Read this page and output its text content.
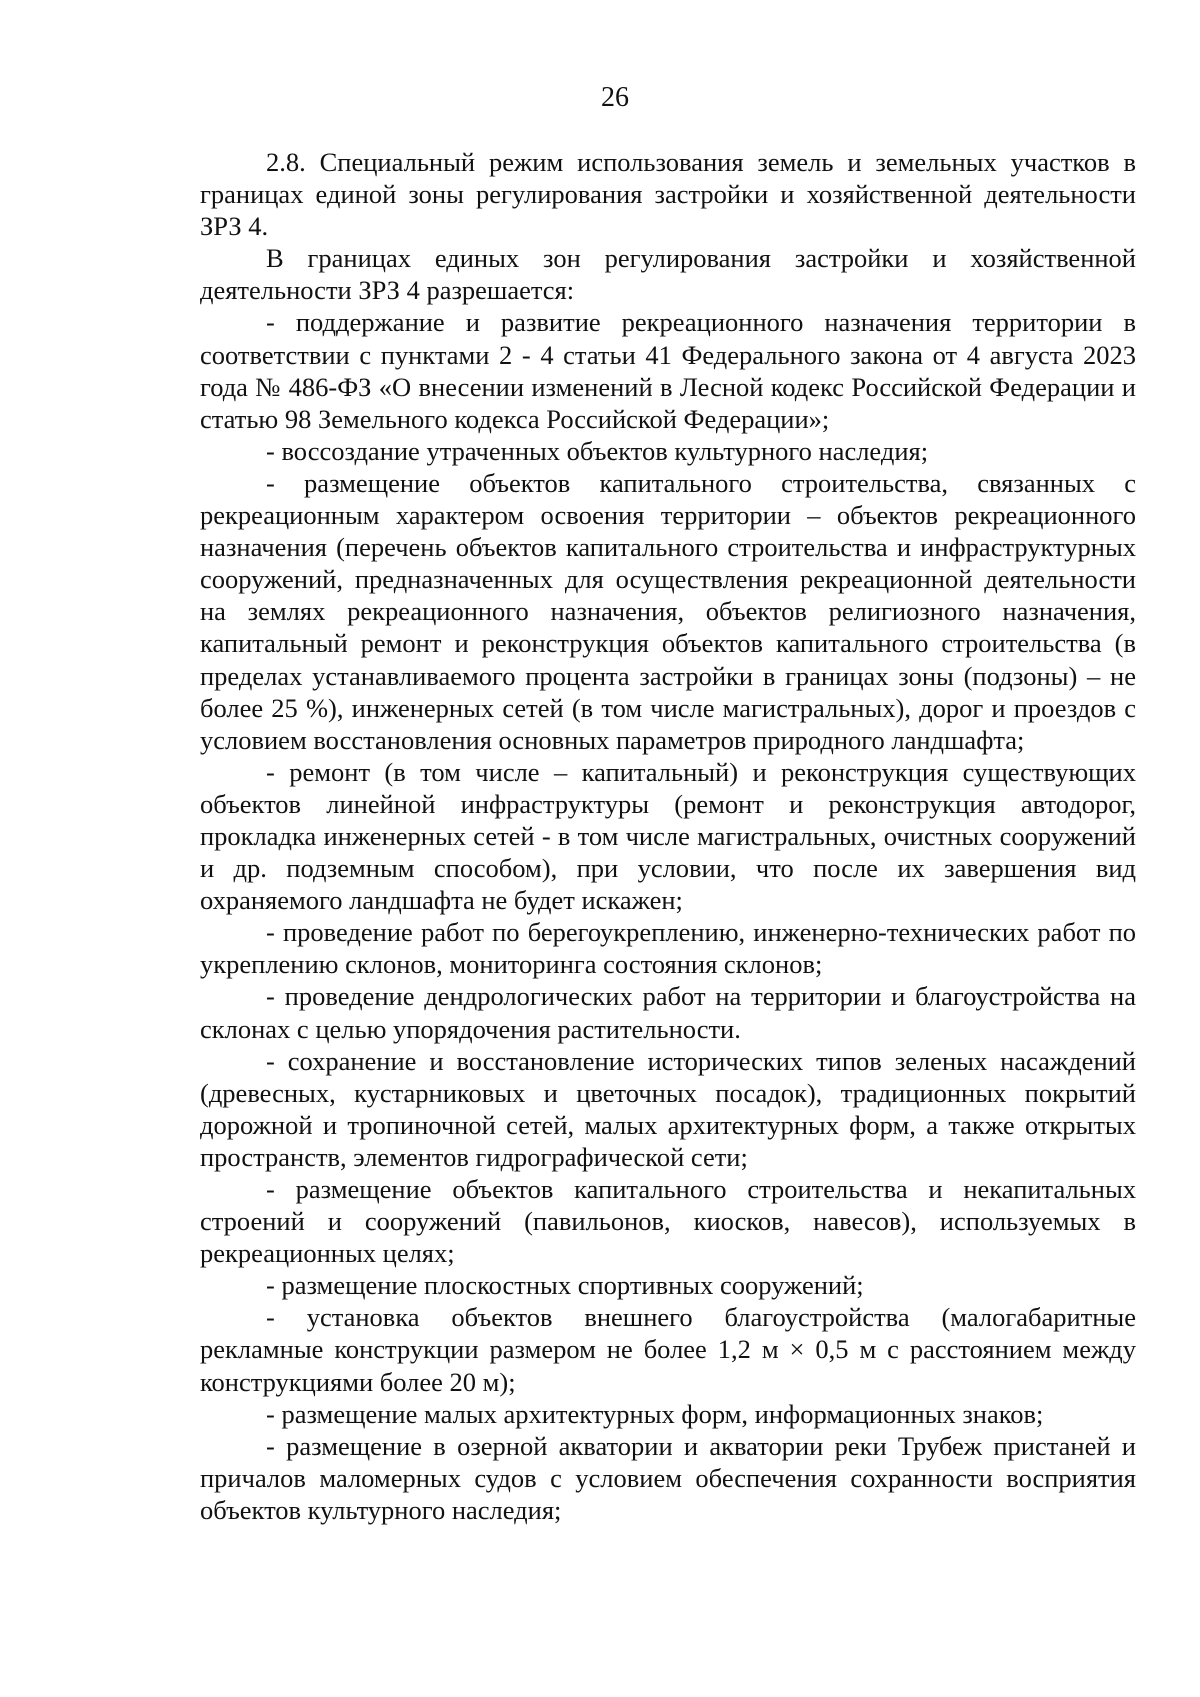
26

2.8. Специальный режим использования земель и земельных участков в границах единой зоны регулирования застройки и хозяйственной деятельности ЗРЗ 4.

В границах единых зон регулирования застройки и хозяйственной деятельности ЗРЗ 4 разрешается:

- поддержание и развитие рекреационного назначения территории в соответствии с пунктами 2 - 4 статьи 41 Федерального закона от 4 августа 2023 года № 486-ФЗ «О внесении изменений в Лесной кодекс Российской Федерации и статью 98 Земельного кодекса Российской Федерации»;

- воссоздание утраченных объектов культурного наследия;

- размещение объектов капитального строительства, связанных с рекреационным характером освоения территории – объектов рекреационного назначения (перечень объектов капитального строительства и инфраструктурных сооружений, предназначенных для осуществления рекреационной деятельности на землях рекреационного назначения, объектов религиозного назначения, капитальный ремонт и реконструкция объектов капитального строительства (в пределах устанавливаемого процента застройки в границах зоны (подзоны) – не более 25 %), инженерных сетей (в том числе магистральных), дорог и проездов с условием восстановления основных параметров природного ландшафта;

- ремонт (в том числе – капитальный) и реконструкция существующих объектов линейной инфраструктуры (ремонт и реконструкция автодорог, прокладка инженерных сетей - в том числе магистральных, очистных сооружений и др. подземным способом), при условии, что после их завершения вид охраняемого ландшафта не будет искажен;

- проведение работ по берегоукреплению, инженерно-технических работ по укреплению склонов, мониторинга состояния склонов;

- проведение дендрологических работ на территории и благоустройства на склонах с целью упорядочения растительности.

- сохранение и восстановление исторических типов зеленых насаждений (древесных, кустарниковых и цветочных посадок), традиционных покрытий дорожной и тропиночной сетей, малых архитектурных форм, а также открытых пространств, элементов гидрографической сети;

- размещение объектов капитального строительства и некапитальных строений и сооружений (павильонов, киосков, навесов), используемых в рекреационных целях;

- размещение плоскостных спортивных сооружений;

- установка объектов внешнего благоустройства (малогабаритные рекламные конструкции размером не более 1,2 м × 0,5 м с расстоянием между конструкциями более 20 м);

- размещение малых архитектурных форм, информационных знаков;

- размещение в озерной акватории и акватории реки Трубеж пристаней и причалов маломерных судов с условием обеспечения сохранности восприятия объектов культурного наследия;
